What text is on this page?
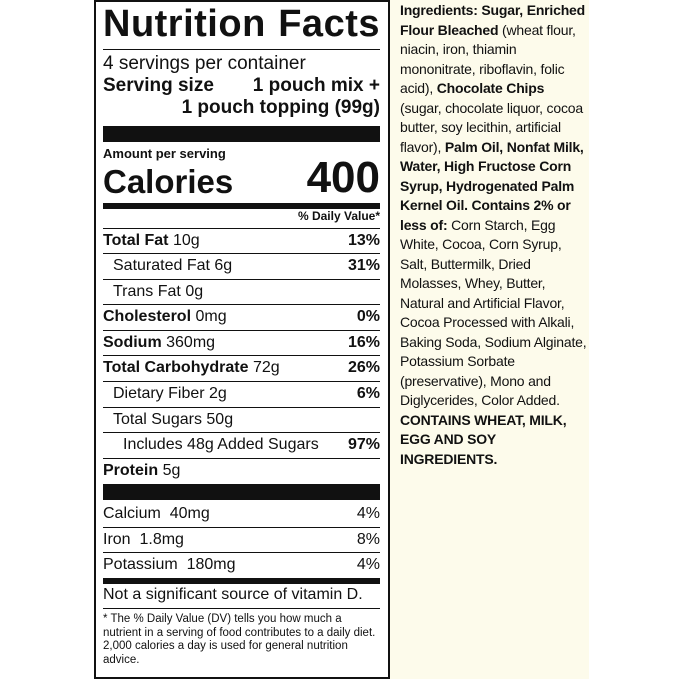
Nutrition Facts
4 servings per container
Serving size 1 pouch mix +
1 pouch topping (99g)
Amount per serving
Calories 400
% Daily Value*
Total Fat 10g	13%
Saturated Fat 6g	31%
Trans Fat 0g
Cholesterol 0mg	0%
Sodium 360mg	16%
Total Carbohydrate 72g	26%
Dietary Fiber 2g	6%
Total Sugars 50g
Includes 48g Added Sugars 97%
Protein 5g
Calcium 40mg	4%
Iron 1.8mg	8%
Potassium 180mg	4%
Not a significant source of vitamin D.
* The % Daily Value (DV) tells you how much a nutrient in a serving of food contributes to a daily diet. 2,000 calories a day is used for general nutrition advice.
Ingredients: Sugar, Enriched Flour Bleached (wheat flour, niacin, iron, thiamin mononitrate, riboflavin, folic acid), Chocolate Chips (sugar, chocolate liquor, cocoa butter, soy lecithin, artificial flavor), Palm Oil, Nonfat Milk, Water, High Fructose Corn Syrup, Hydrogenated Palm Kernel Oil. Contains 2% or less of: Corn Starch, Egg White, Cocoa, Corn Syrup, Salt, Buttermilk, Dried Molasses, Whey, Butter, Natural and Artificial Flavor, Cocoa Processed with Alkali, Baking Soda, Sodium Alginate, Potassium Sorbate (preservative), Mono and Diglycerides, Color Added.
CONTAINS WHEAT, MILK, EGG AND SOY INGREDIENTS.
